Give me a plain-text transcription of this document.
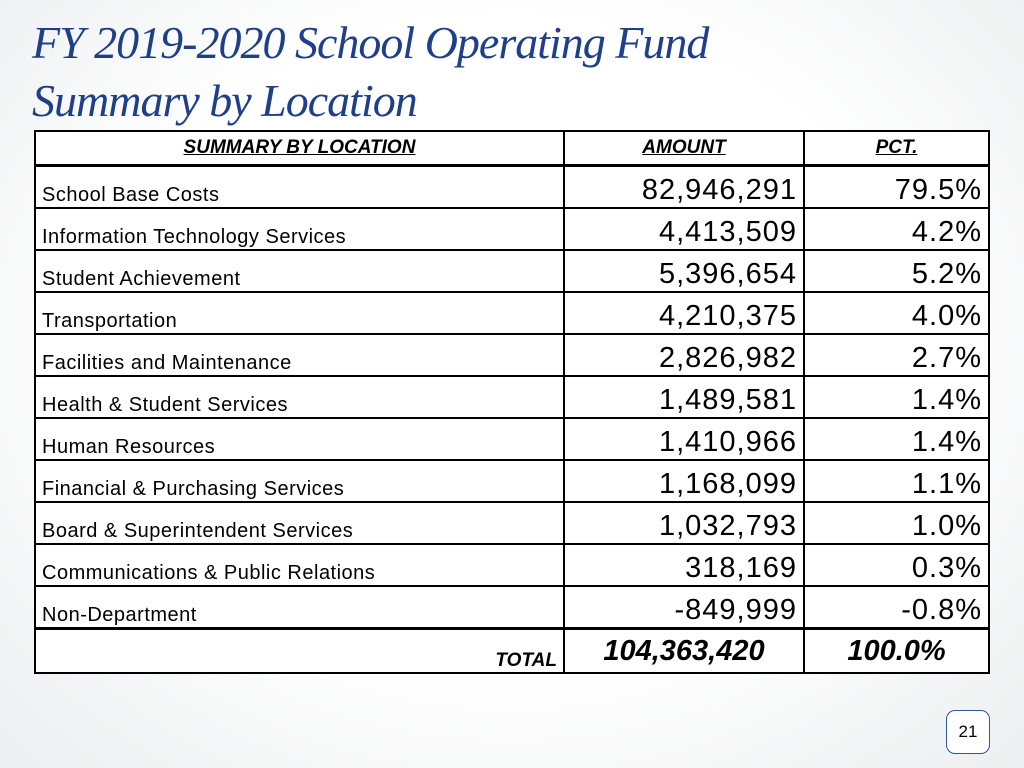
FY 2019-2020 School Operating Fund
Summary by Location
SUMMARY BY LOCATION	AMOUNT	PCT.
School Base Costs	82,946,291	79.5%
Information Technology Services	4,413,509	4.2%
Student Achievement	5,396,654	5.2%
Transportation	4,210,375	4.0%
Facilities and Maintenance	2,826,982	2.7%
Health & Student Services	1,489,581	1.4%
Human Resources	1,410,966	1.4%
Financial & Purchasing Services	1,168,099	1.1%
Board & Superintendent Services	1,032,793	1.0%
Communications & Public Relations	318,169	0.3%
Non-Department	-849,999	-0.8%
TOTAL	104,363,420	100.0%
21
